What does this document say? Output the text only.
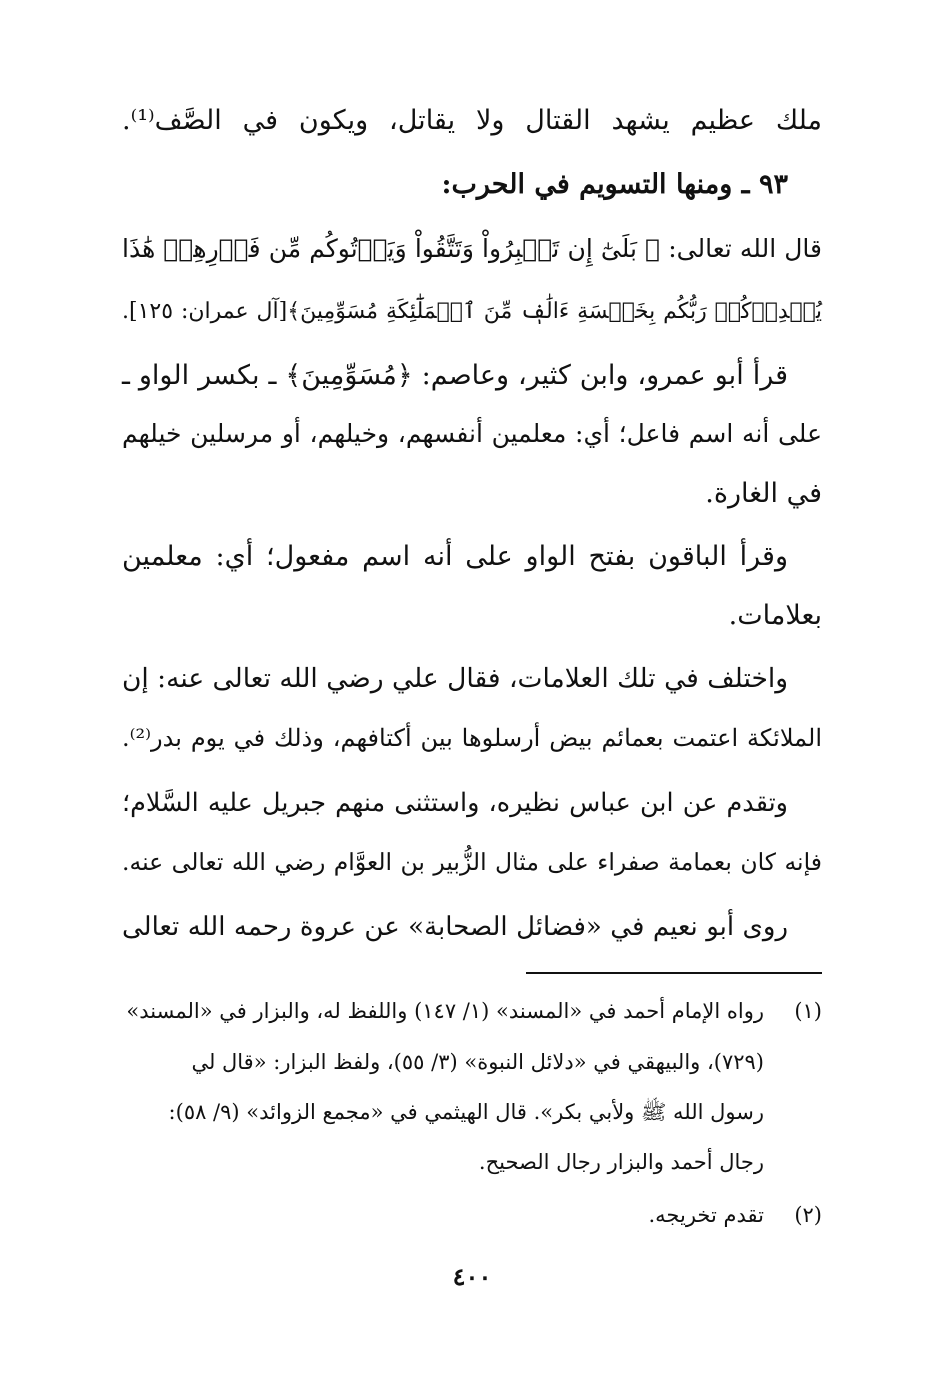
ملك عظيم يشهد القتال ولا يقاتل، ويكون في الصَّف⁽¹⁾.
٩٣ ـ ومنها التسويم في الحرب:
قال الله تعالى: ﴿ بَلَىٰٓ إِن تَصۡبِرُواْ وَتَتَّقُواْ وَيَأۡتُوكُم مِّن فَوۡرِهِمۡ هَٰذَا
يُمۡدِدۡكُمۡ رَبُّكُم بِخَمۡسَةِ ءَالَٰفٖ مِّنَ ٱلۡمَلَٰٓئِكَةِ مُسَوِّمِينَ﴾[آل عمران: ١٢٥].
قرأ أبو عمرو، وابن كثير، وعاصم: ﴿مُسَوِّمِينَ﴾ ـ بكسر الواو ـ
على أنه اسم فاعل؛ أي: معلمين أنفسهم، وخيلهم، أو مرسلين خيلهم
في الغارة.
وقرأ الباقون بفتح الواو على أنه اسم مفعول؛ أي: معلمين
بعلامات.
واختلف في تلك العلامات، فقال علي رضي الله تعالى عنه: إن
الملائكة اعتمت بعمائم بيض أرسلوها بين أكتافهم، وذلك في يوم بدر⁽²⁾.
وتقدم عن ابن عباس نظيره، واستثنى منهم جبريل عليه السَّلام؛
فإنه كان بعمامة صفراء على مثال الزُّبير بن العوَّام رضي الله تعالى عنه.
روى أبو نعيم في «فضائل الصحابة» عن عروة رحمه الله تعالى
(١)رواه الإمام أحمد في «المسند» (١/ ١٤٧) واللفظ له، والبزار في «المسند»
(٧٢٩)، والبيهقي في «دلائل النبوة» (٣/ ٥٥)، ولفظ البزار: «قال لي
رسول الله ﷺ ولأبي بكر». قال الهيثمي في «مجمع الزوائد» (٩/ ٥٨):
رجال أحمد والبزار رجال الصحيح.
(٢)تقدم تخريجه.
٤٠٠
